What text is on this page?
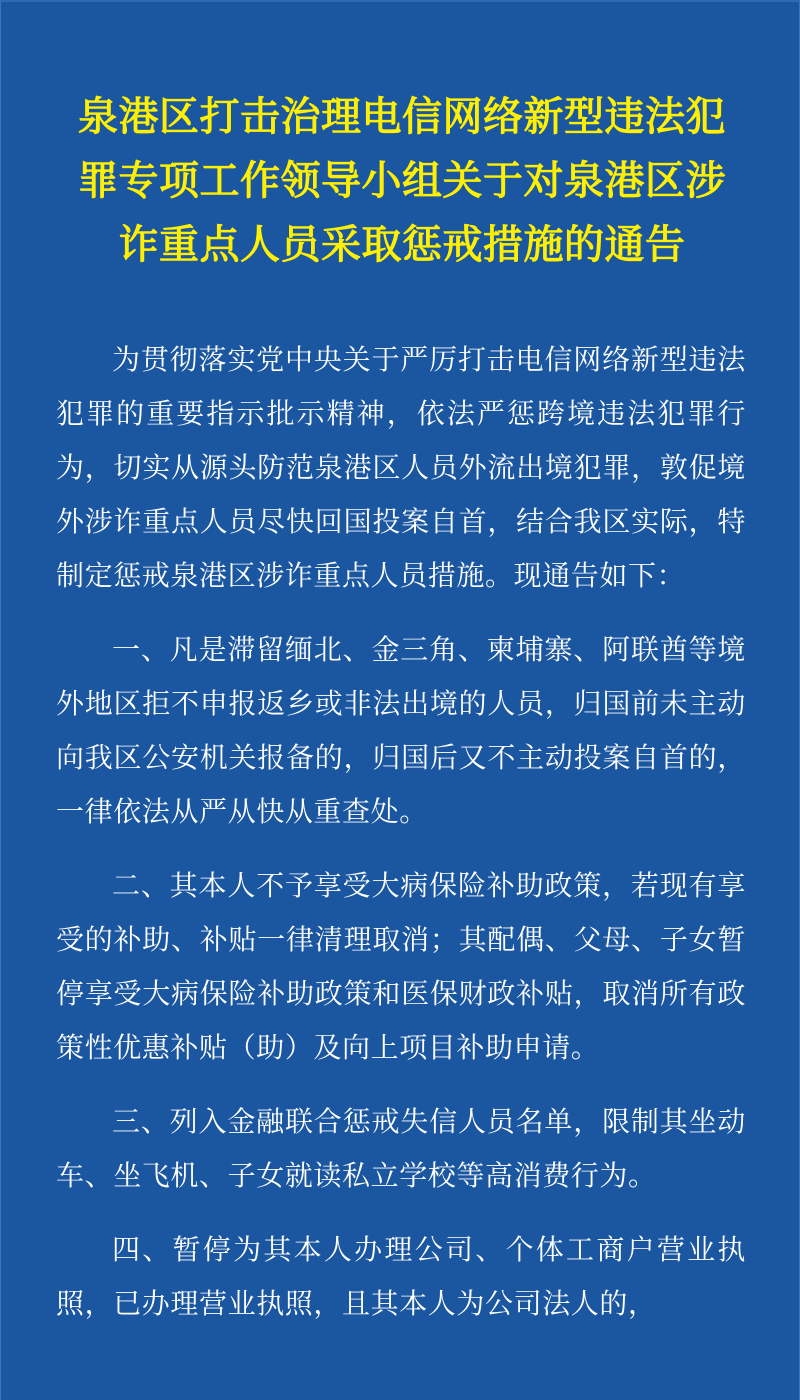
泉港区打击治理电信网络新型违法犯罪专项工作领导小组关于对泉港区涉诈重点人员采取惩戒措施的通告

为贯彻落实党中央关于严厉打击电信网络新型违法犯罪的重要指示批示精神，依法严惩跨境违法犯罪行为，切实从源头防范泉港区人员外流出境犯罪，敦促境外涉诈重点人员尽快回国投案自首，结合我区实际，特制定惩戒泉港区涉诈重点人员措施。现通告如下：

一、凡是滞留缅北、金三角、柬埔寨、阿联酋等境外地区拒不申报返乡或非法出境的人员，归国前未主动向我区公安机关报备的，归国后又不主动投案自首的，一律依法从严从快从重查处。

二、其本人不予享受大病保险补助政策，若现有享受的补助、补贴一律清理取消；其配偶、父母、子女暂停享受大病保险补助政策和医保财政补贴，取消所有政策性优惠补贴（助）及向上项目补助申请。

三、列入金融联合惩戒失信人员名单，限制其坐动车、坐飞机、子女就读私立学校等高消费行为。

四、暂停为其本人办理公司、个体工商户营业执照，已办理营业执照，且其本人为公司法人的，
